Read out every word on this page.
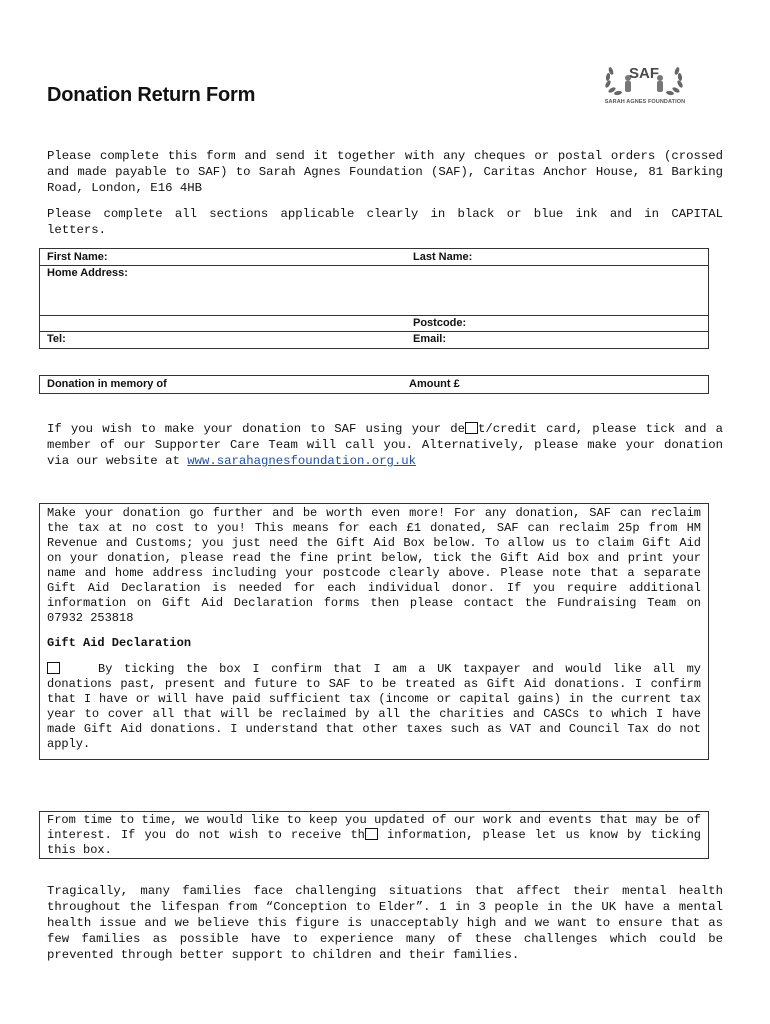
Donation Return Form
SAF
SARAH AGNES FOUNDATION
Please complete this form and send it together with any cheques or postal orders (crossed and made payable to SAF) to Sarah Agnes Foundation (SAF), Caritas Anchor House, 81 Barking Road, London, E16 4HB
Please complete all sections applicable clearly in black or blue ink and in CAPITAL letters.
First Name:	Last Name:
Home Address:
Postcode:
Tel:	Email:
Donation in memory of	Amount £
If you wish to make your donation to SAF using your de t/credit card, please tick and a member of our Supporter Care Team will call you. Alternatively, please make your donation via our website at www.sarahagnesfoundation.org.uk
Make your donation go further and be worth even more! For any donation, SAF can reclaim the tax at no cost to you! This means for each £1 donated, SAF can reclaim 25p from HM Revenue and Customs; you just need the Gift Aid Box below. To allow us to claim Gift Aid on your donation, please read the fine print below, tick the Gift Aid box and print your name and home address including your postcode clearly above. Please note that a separate Gift Aid Declaration is needed for each individual donor. If you require additional information on Gift Aid Declaration forms then please contact the Fundraising Team on 07932 253818
Gift Aid Declaration
By ticking the box I confirm that I am a UK taxpayer and would like all my donations past, present and future to SAF to be treated as Gift Aid donations. I confirm that I have or will have paid sufficient tax (income or capital gains) in the current tax year to cover all that will be reclaimed by all the charities and CASCs to which I have made Gift Aid donations. I understand that other taxes such as VAT and Council Tax do not apply.
From time to time, we would like to keep you updated of our work and events that may be of interest. If you do not wish to receive th information, please let us know by ticking this box.
Tragically, many families face challenging situations that affect their mental health throughout the lifespan from “Conception to Elder”. 1 in 3 people in the UK have a mental health issue and we believe this figure is unacceptably high and we want to ensure that as few families as possible have to experience many of these challenges which could be prevented through better support to children and their families.
